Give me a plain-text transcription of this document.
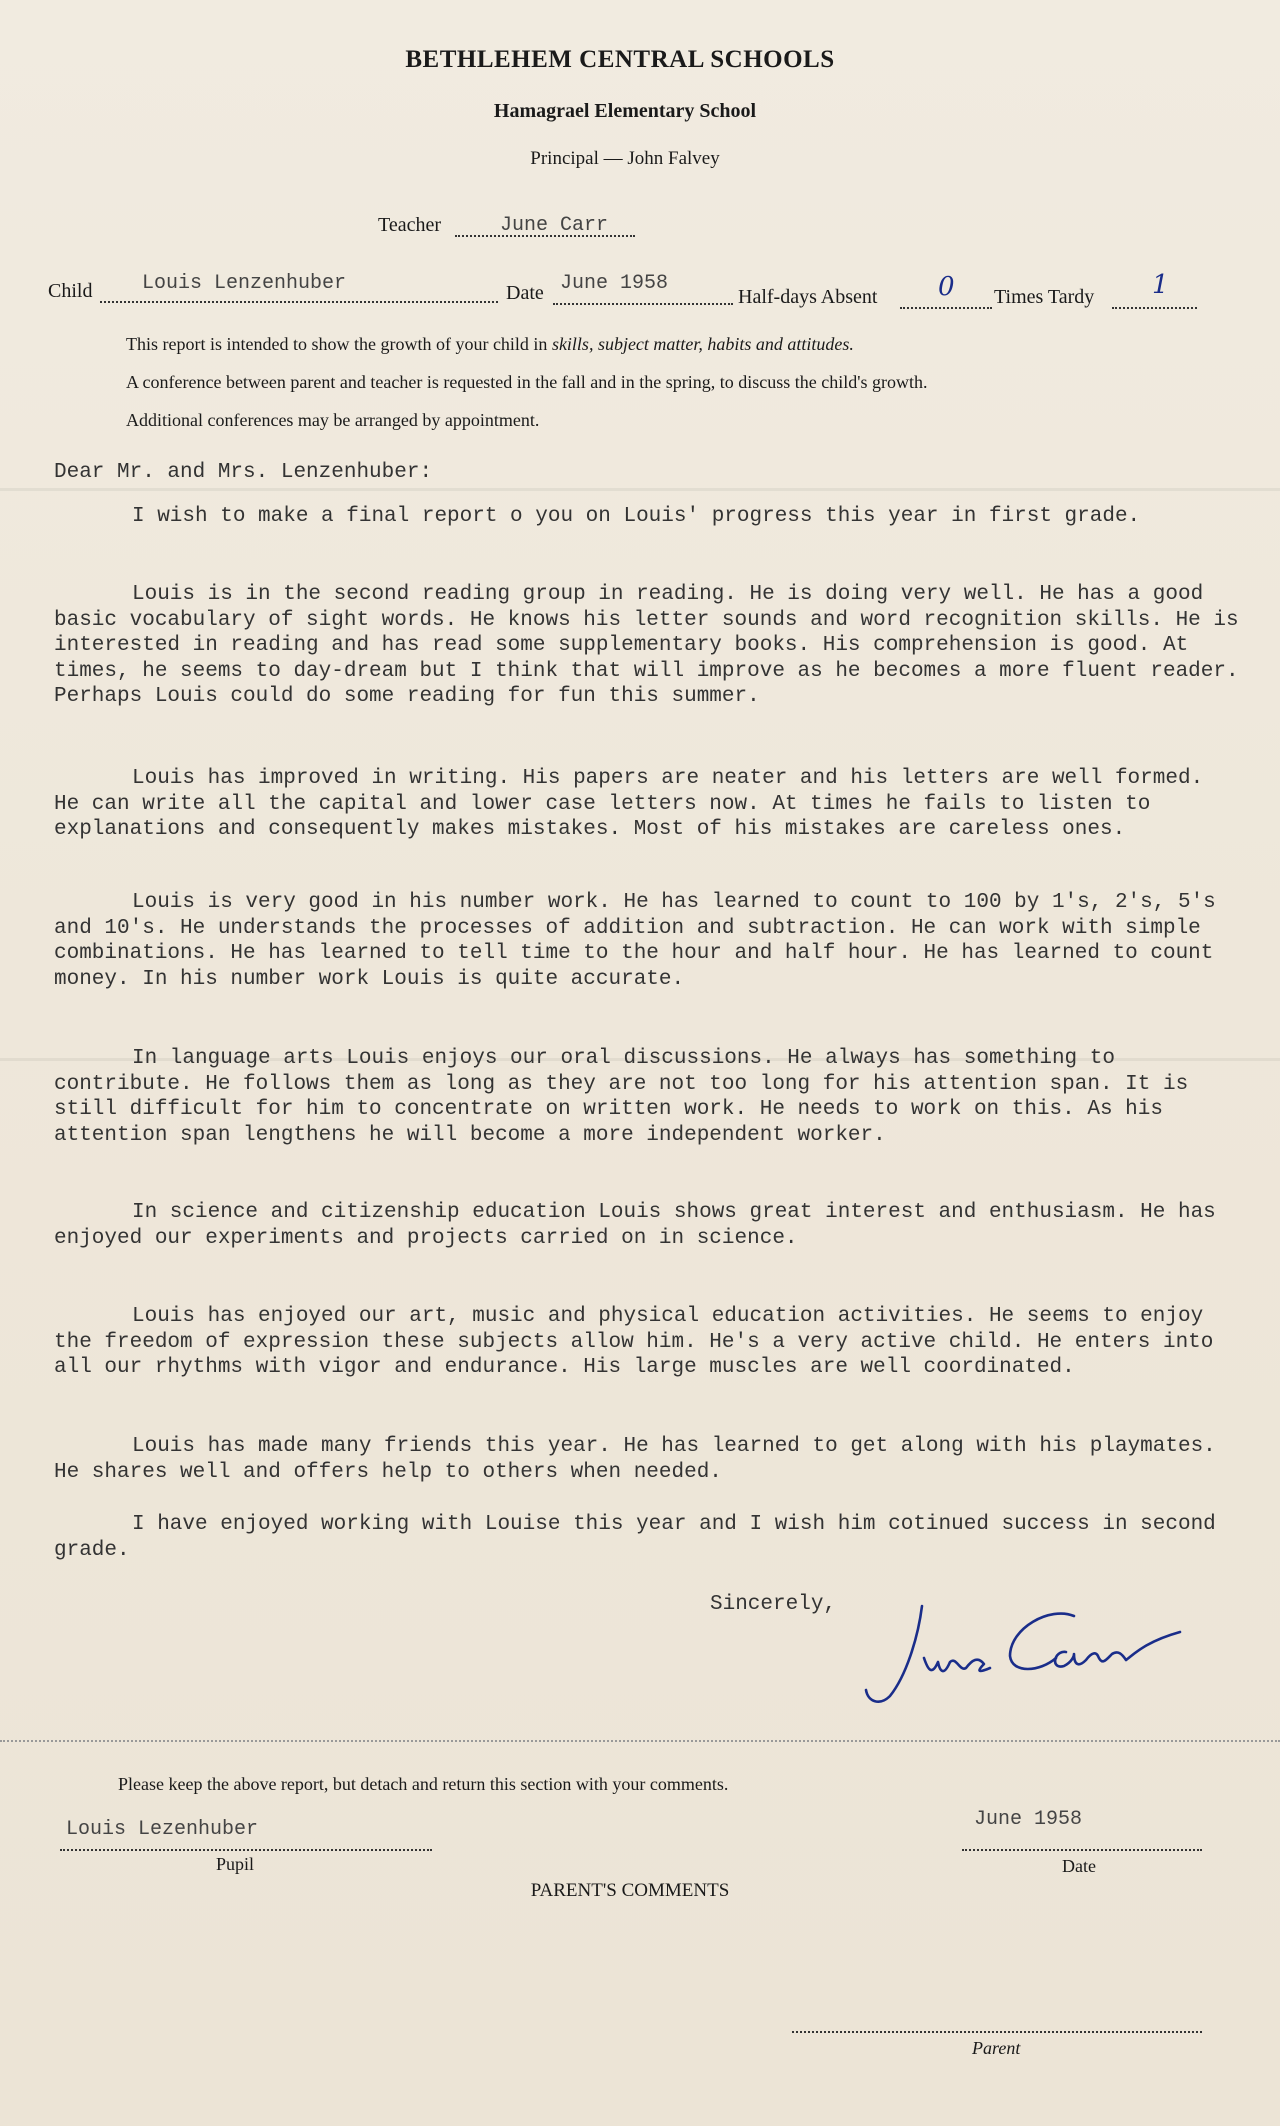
BETHLEHEM CENTRAL SCHOOLS
Hamagrael Elementary School
Principal — John Falvey
Teacher	June Carr
Child Louis Lenzenhuber	Date June 1958
Half-days Absent 0 Times Tardy 1
This report is intended to show the growth of your child in skills, subject matter, habits and attitudes.
A conference between parent and teacher is requested in the fall and in the spring, to discuss the child's growth.
Additional conferences may be arranged by appointment.
Dear Mr. and Mrs. Lenzenhuber:
I wish to make a final report o you on Louis' progress this year in first grade.
Louis is in the second reading group in reading. He is doing very well. He has a good basic vocabulary of sight words. He knows his letter sounds and word recognition skills. He is interested in reading and has read some supplementary books. His comprehension is good. At times, he seems to day-dream but I think that will improve as he becomes a more fluent reader. Perhaps Louis could do some reading for fun this summer.
Louis has improved in writing. His papers are neater and his letters are well formed. He can write all the capital and lower case letters now. At times he fails to listen to explanations and consequently makes mistakes. Most of his mistakes are careless ones.
Louis is very good in his number work. He has learned to count to 100 by 1's, 2's, 5's and 10's. He understands the processes of addition and subtraction. He can work with simple combinations. He has learned to tell time to the hour and half hour. He has learned to count money. In his number work Louis is quite accurate.
In language arts Louis enjoys our oral discussions. He always has something to contribute. He follows them as long as they are not too long for his attention span. It is still difficult for him to concentrate on written work. He needs to work on this. As his attention span lengthens he will become a more independent worker.
In science and citizenship education Louis shows great interest and enthusiasm. He has enjoyed our experiments and projects carried on in science.
Louis has enjoyed our art, music and physical education activities. He seems to enjoy the freedom of expression these subjects allow him. He's a very active child. He enters into all our rhythms with vigor and endurance. His large muscles are well coordinated.
Louis has made many friends this year. He has learned to get along with his playmates. He shares well and offers help to others when needed.
I have enjoyed working with Louise this year and I wish him cotinued success in second grade.
Sincerely,	June Carr
Please keep the above report, but detach and return this section with your comments.
Louis Lezenhuber
Pupil
June 1958
Date
PARENT'S COMMENTS
Parent
